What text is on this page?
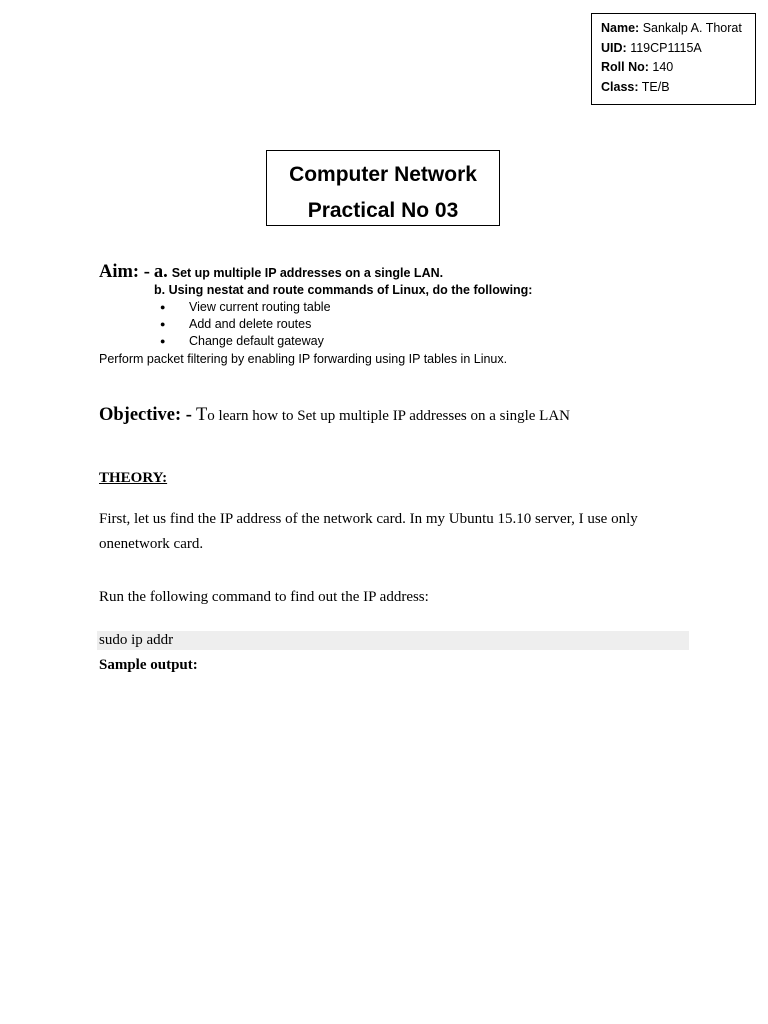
Name: Sankalp A. Thorat
UID: 119CP1115A
Roll No: 140
Class: TE/B
Computer Network
Practical No 03
Aim: - a. Set up multiple IP addresses on a single LAN.
b. Using nestat and route commands of Linux, do the following:
● View current routing table
● Add and delete routes
● Change default gateway
Perform packet filtering by enabling IP forwarding using IP tables in Linux.
Objective: - To learn how to Set up multiple IP addresses on a single LAN
THEORY:
First, let us find the IP address of the network card. In my Ubuntu 15.10 server, I use only onenetwork card.
Run the following command to find out the IP address:
sudo ip addr
Sample output:
